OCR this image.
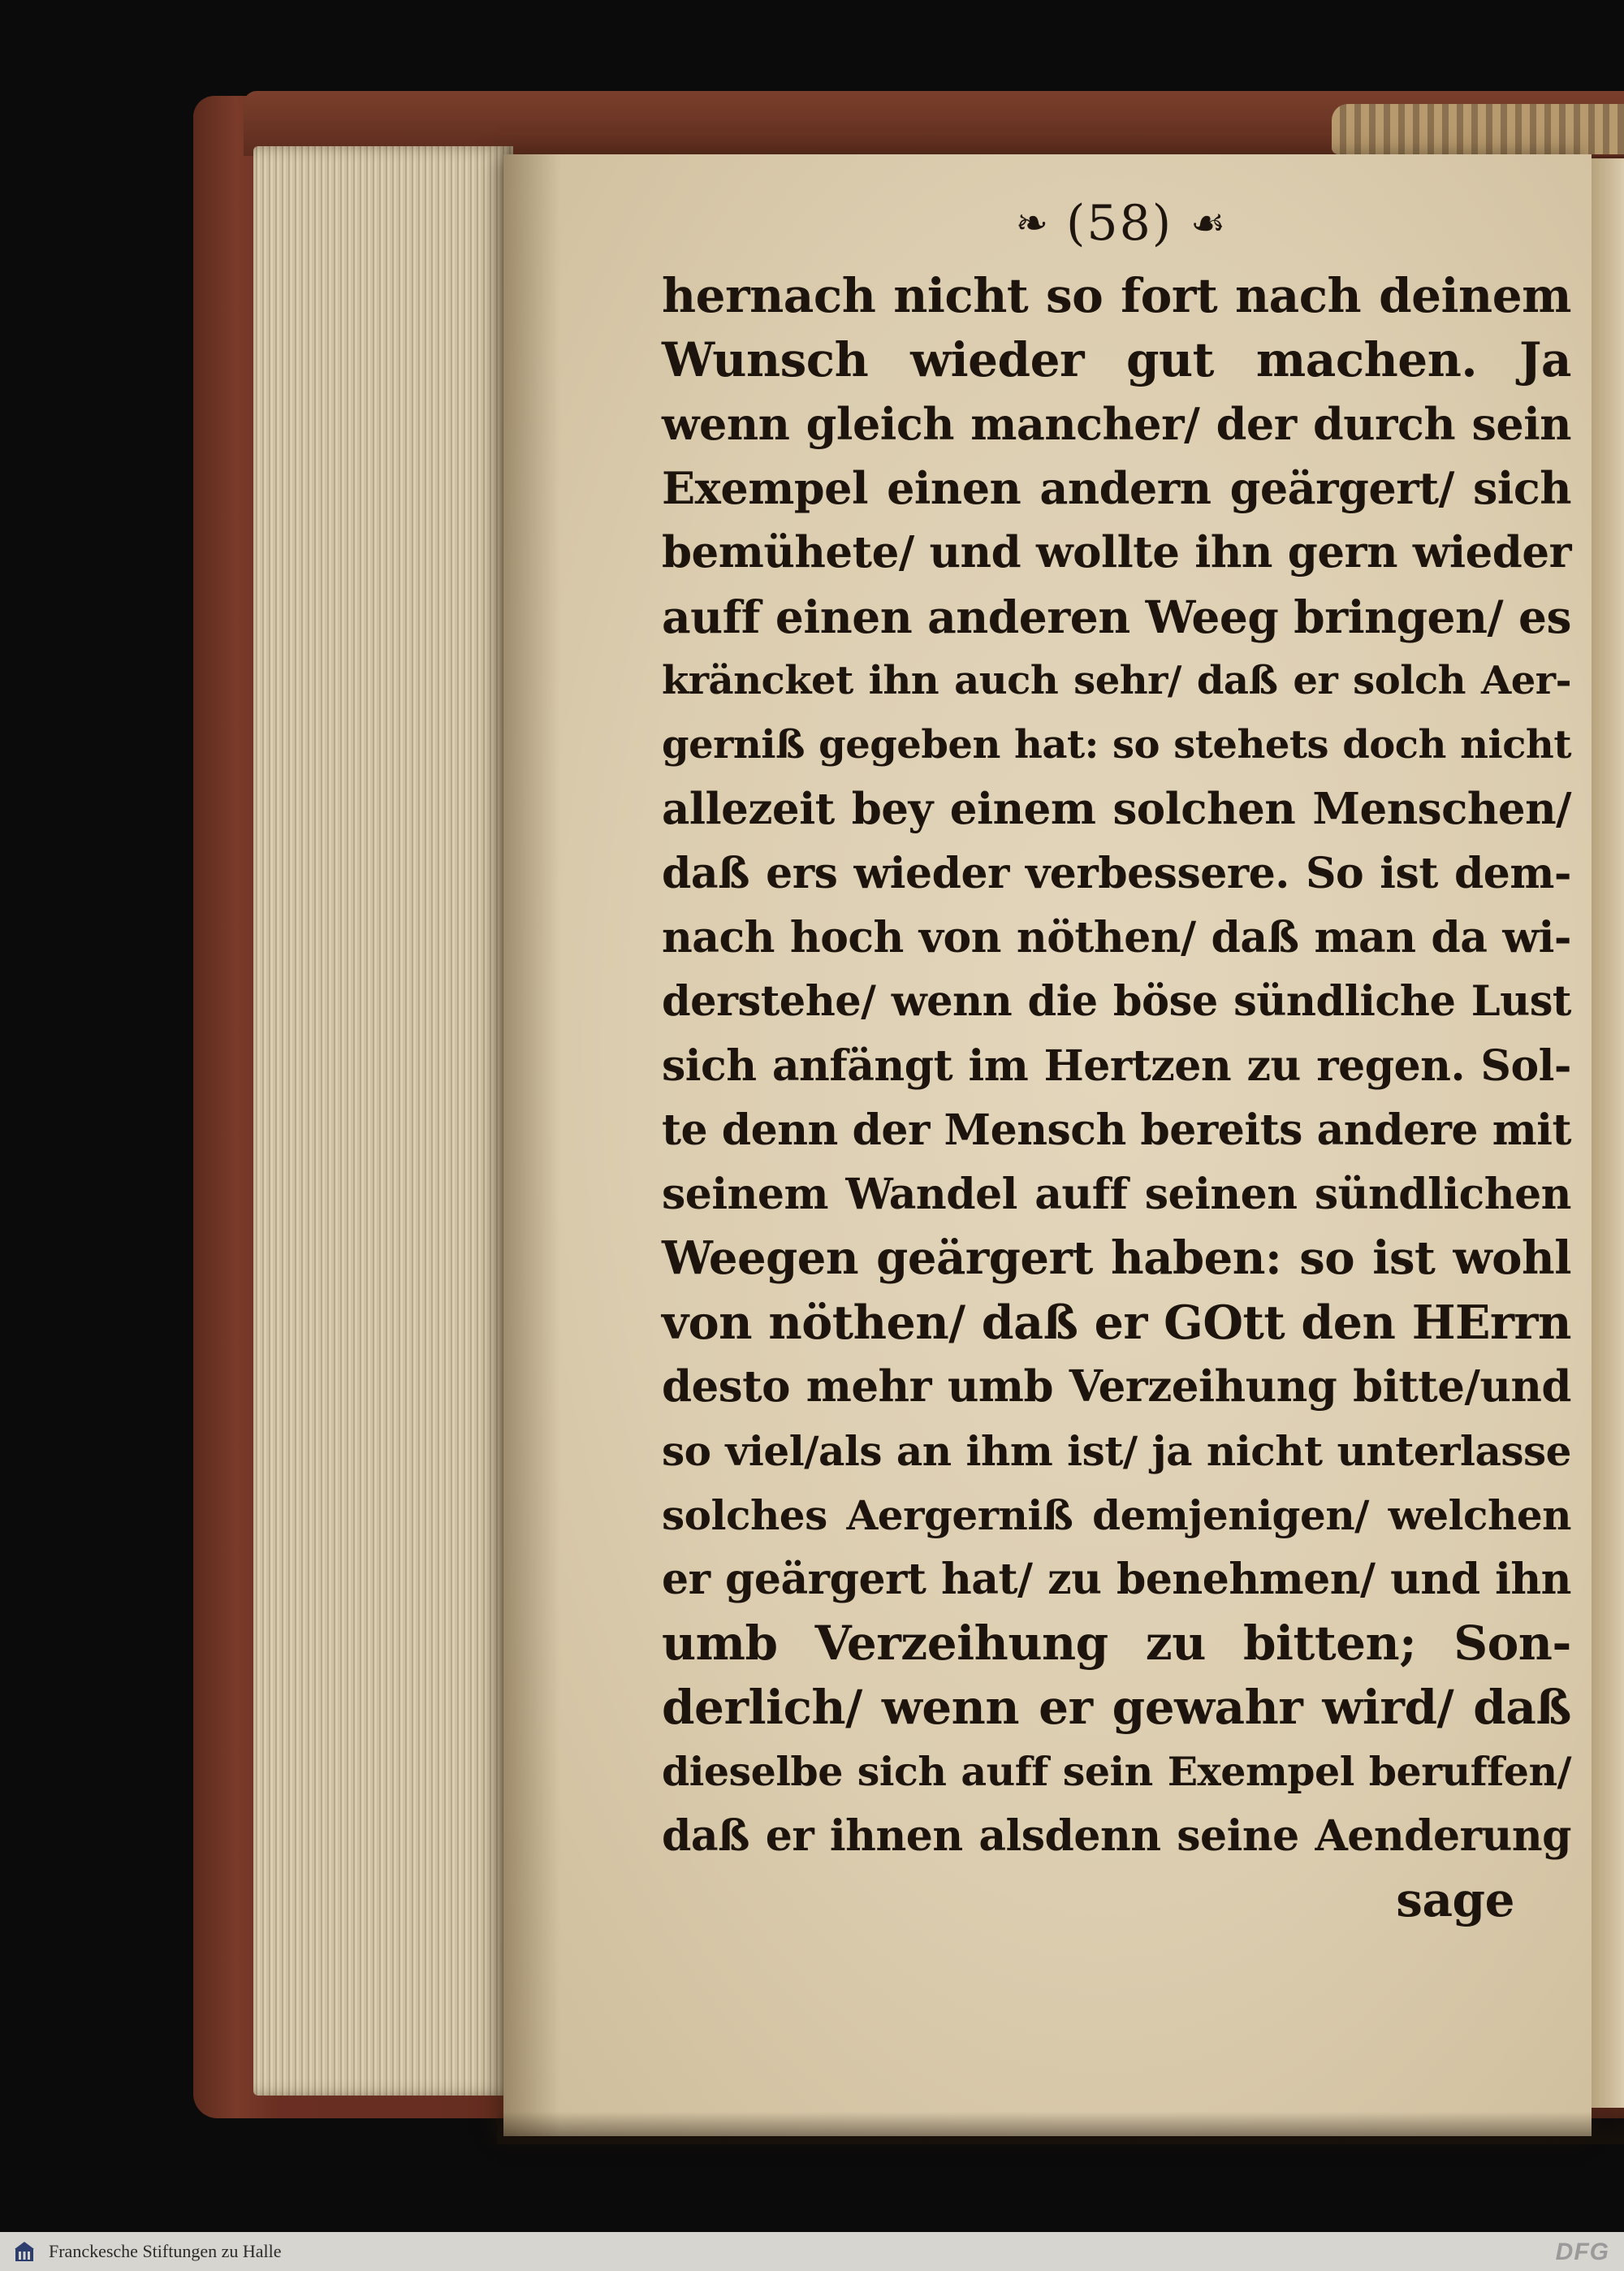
❧ (58) ☙
hernach nicht so fort nach deinem
Wunsch wieder gut machen. Ja
wenn gleich mancher/ der durch sein
Exempel einen andern geärgert/ sich
bemühete/ und wollte ihn gern wieder
auff einen anderen Weeg bringen/ es
kräncket ihn auch sehr/ daß er solch Aer-
gerniß gegeben hat: so stehets doch nicht
allezeit bey einem solchen Menschen/
daß ers wieder verbessere. So ist dem-
nach hoch von nöthen/ daß man da wi-
derstehe/ wenn die böse sündliche Lust
sich anfängt im Hertzen zu regen. Sol-
te denn der Mensch bereits andere mit
seinem Wandel auff seinen sündlichen
Weegen geärgert haben: so ist wohl
von nöthen/ daß er GOtt den HErrn
desto mehr umb Verzeihung bitte/und
so viel/als an ihm ist/ ja nicht unterlasse
solches Aergerniß demjenigen/ welchen
er geärgert hat/ zu benehmen/ und ihn
umb Verzeihung zu bitten; Son-
derlich/ wenn er gewahr wird/ daß
dieselbe sich auff sein Exempel beruffen/
daß er ihnen alsdenn seine Aenderung
sage
Franckesche Stiftungen zu Halle	DFG
